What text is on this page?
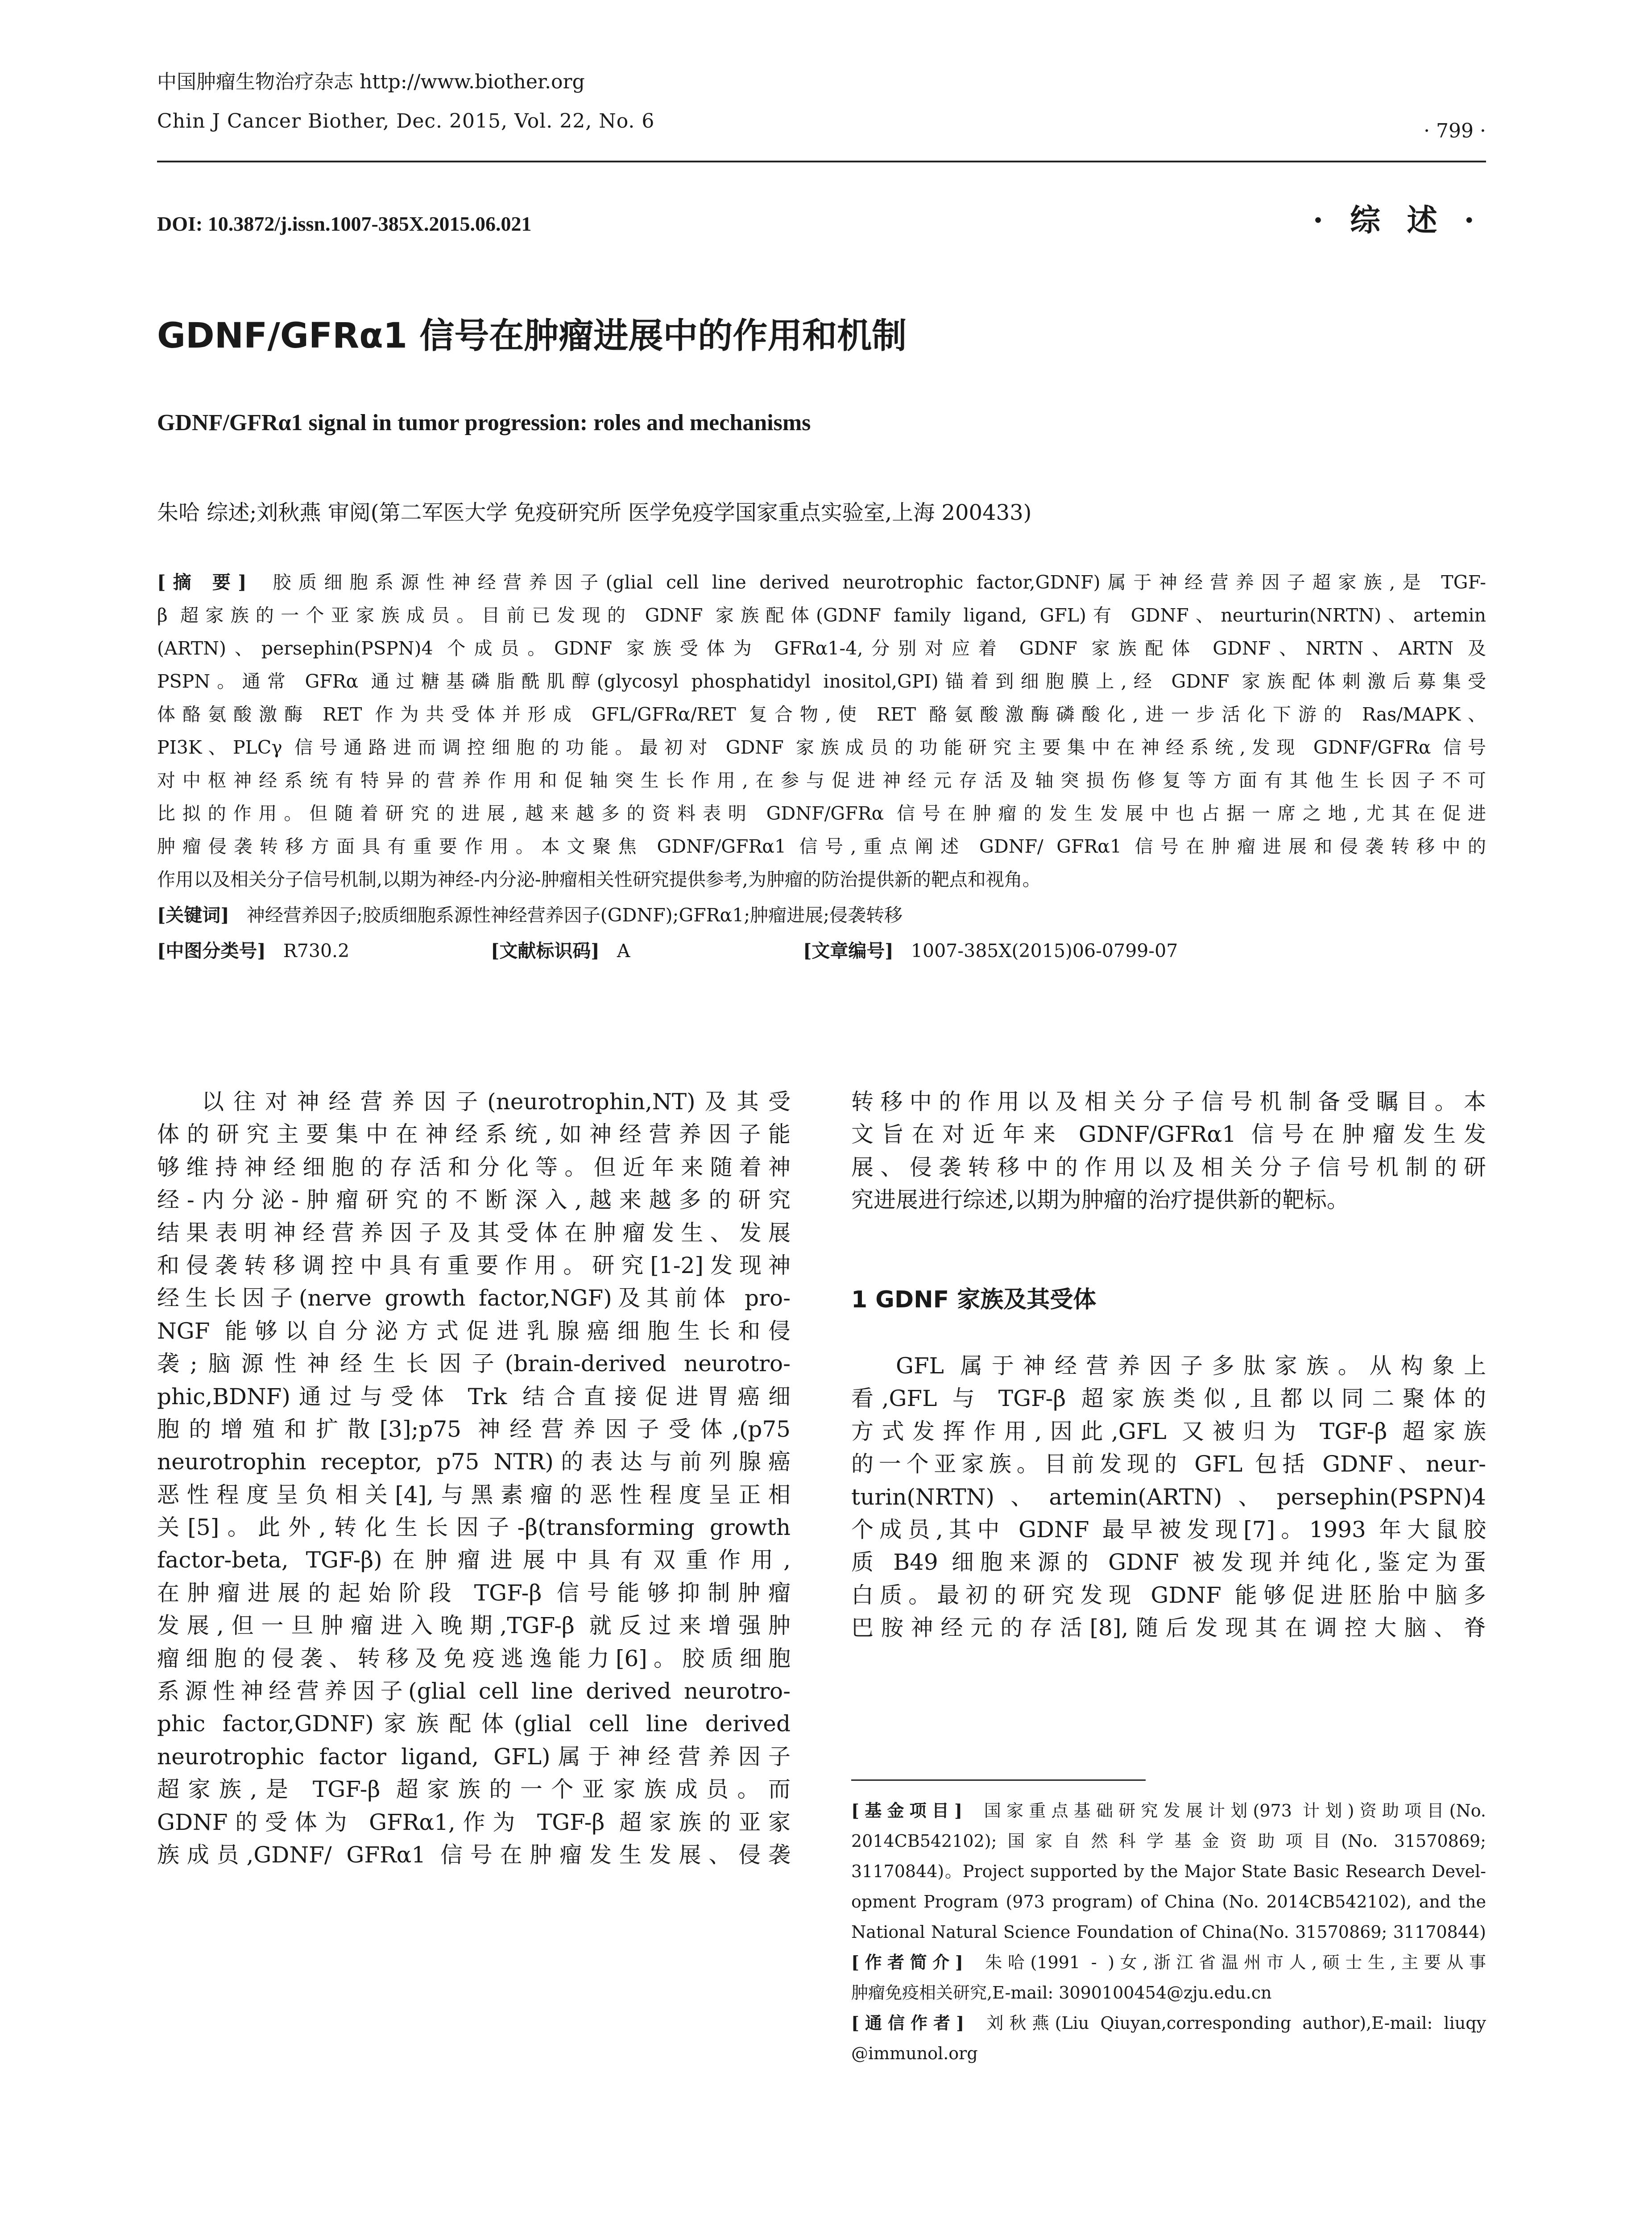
中国肿瘤生物治疗杂志 http://www.biother.org
Chin J Cancer Biother, Dec. 2015, Vol. 22, No. 6	· 799 ·
DOI: 10.3872/j.issn.1007-385X.2015.06.021	· 综 述 ·
GDNF/GFRα1 信号在肿瘤进展中的作用和机制
GDNF/GFRα1 signal in tumor progression: roles and mechanisms
朱哈 综述;刘秋燕 审阅(第二军医大学 免疫研究所 医学免疫学国家重点实验室,上海 200433)
[摘 要] 胶质细胞系源性神经营养因子(glial cell line derived neurotrophic factor,GDNF)属于神经营养因子超家族,是 TGF-
β 超家族的一个亚家族成员。目前已发现的 GDNF 家族配体(GDNF family ligand, GFL)有 GDNF、neurturin(NRTN)、artemin
(ARTN)、persephin(PSPN)4 个成员。GDNF 家族受体为 GFRα1-4,分别对应着 GDNF 家族配体 GDNF、NRTN、ARTN 及
PSPN。通常 GFRα 通过糖基磷脂酰肌醇(glycosyl phosphatidyl inositol,GPI)锚着到细胞膜上,经 GDNF 家族配体刺激后募集受
体酪氨酸激酶 RET 作为共受体并形成 GFL/GFRα/RET 复合物,使 RET 酪氨酸激酶磷酸化,进一步活化下游的 Ras/MAPK、
PI3K、PLCγ 信号通路进而调控细胞的功能。最初对 GDNF 家族成员的功能研究主要集中在神经系统,发现 GDNF/GFRα 信号
对中枢神经系统有特异的营养作用和促轴突生长作用,在参与促进神经元存活及轴突损伤修复等方面有其他生长因子不可
比拟的作用。但随着研究的进展,越来越多的资料表明 GDNF/GFRα 信号在肿瘤的发生发展中也占据一席之地,尤其在促进
肿瘤侵袭转移方面具有重要作用。本文聚焦 GDNF/GFRα1 信号,重点阐述 GDNF/ GFRα1 信号在肿瘤进展和侵袭转移中的
作用以及相关分子信号机制,以期为神经-内分泌-肿瘤相关性研究提供参考,为肿瘤的防治提供新的靶点和视角。
[关键词] 神经营养因子;胶质细胞系源性神经营养因子(GDNF);GFRα1;肿瘤进展;侵袭转移
[中图分类号] R730.2	[文献标识码] A	[文章编号] 1007-385X(2015)06-0799-07
以往对神经营养因子(neurotrophin,NT)及其受
体的研究主要集中在神经系统,如神经营养因子能
够维持神经细胞的存活和分化等。但近年来随着神
经-内分泌-肿瘤研究的不断深入,越来越多的研究
结果表明神经营养因子及其受体在肿瘤发生、发展
和侵袭转移调控中具有重要作用。研究[1-2]发现神
经生长因子(nerve growth factor,NGF)及其前体 pro-
NGF 能够以自分泌方式促进乳腺癌细胞生长和侵
袭;脑源性神经生长因子(brain-derived neurotro-
phic,BDNF)通过与受体 Trk 结合直接促进胃癌细
胞的增殖和扩散[3];p75 神经营养因子受体,(p75
neurotrophin receptor, p75 NTR)的表达与前列腺癌
恶性程度呈负相关[4],与黑素瘤的恶性程度呈正相
关[5]。此外,转化生长因子-β(transforming growth
factor-beta, TGF-β)在肿瘤进展中具有双重作用,
在肿瘤进展的起始阶段 TGF-β 信号能够抑制肿瘤
发展,但一旦肿瘤进入晚期,TGF-β 就反过来增强肿
瘤细胞的侵袭、转移及免疫逃逸能力[6]。胶质细胞
系源性神经营养因子(glial cell line derived neurotro-
phic factor,GDNF)家族配体(glial cell line derived
neurotrophic factor ligand, GFL)属于神经营养因子
超家族,是 TGF-β 超家族的一个亚家族成员。而
GDNF的受体为 GFRα1,作为 TGF-β 超家族的亚家
族成员,GDNF/ GFRα1 信号在肿瘤发生发展、侵袭
转移中的作用以及相关分子信号机制备受瞩目。本
文旨在对近年来 GDNF/GFRα1 信号在肿瘤发生发
展、侵袭转移中的作用以及相关分子信号机制的研
究进展进行综述,以期为肿瘤的治疗提供新的靶标。
1 GDNF 家族及其受体
GFL 属于神经营养因子多肽家族。从构象上
看,GFL 与 TGF-β 超家族类似,且都以同二聚体的
方式发挥作用,因此,GFL 又被归为 TGF-β 超家族
的一个亚家族。目前发现的 GFL 包括 GDNF、neur-
turin(NRTN)、artemin(ARTN)、persephin(PSPN)4
个成员,其中 GDNF 最早被发现[7]。1993 年大鼠胶
质 B49 细胞来源的 GDNF 被发现并纯化,鉴定为蛋
白质。最初的研究发现 GDNF 能够促进胚胎中脑多
巴胺神经元的存活[8],随后发现其在调控大脑、脊
[基金项目] 国家重点基础研究发展计划(973 计划)资助项目(No.
2014CB542102);国家自然科学基金资助项目(No. 31570869;
31170844)。Project supported by the Major State Basic Research Devel-
opment Program (973 program) of China (No. 2014CB542102), and the
National Natural Science Foundation of China(No. 31570869; 31170844)
[作者简介] 朱哈(1991 - )女,浙江省温州市人,硕士生,主要从事
肿瘤免疫相关研究,E-mail: 3090100454@zju.edu.cn
[通信作者] 刘秋燕(Liu Qiuyan,corresponding author),E-mail: liuqy
@immunol.org
